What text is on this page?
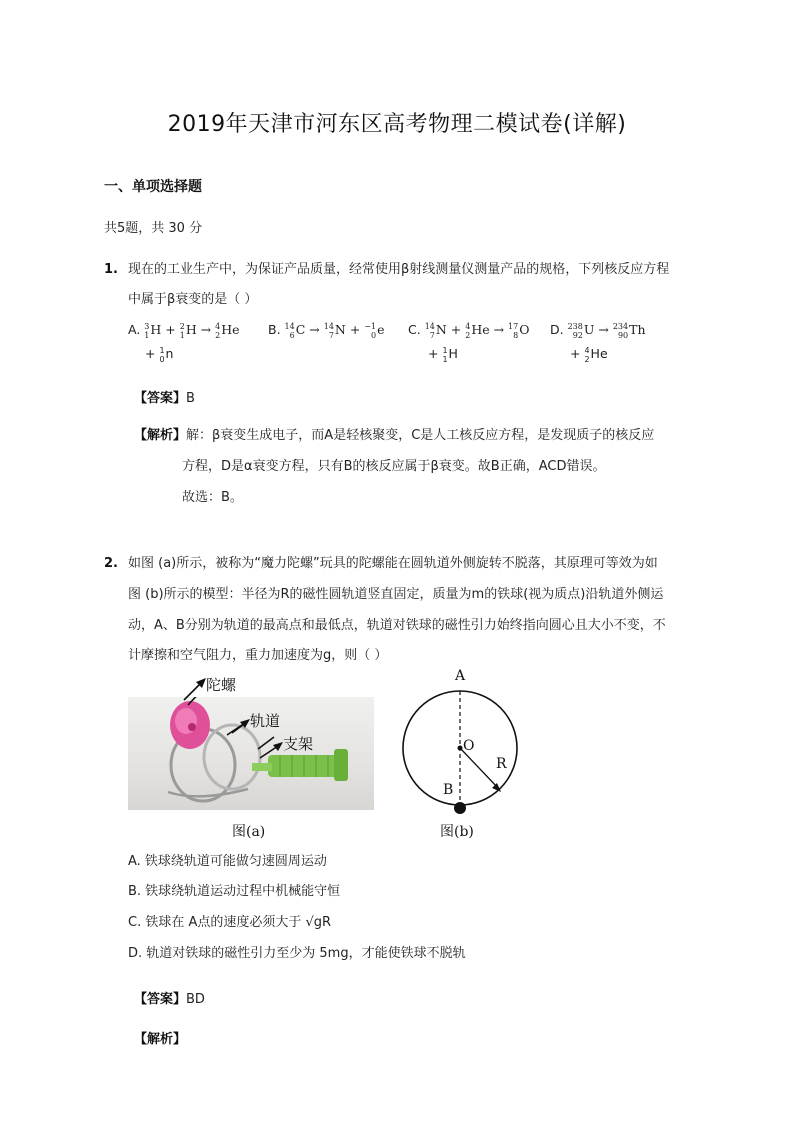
2019年天津市河东区高考物理二模试卷(详解)
一、单项选择题
共5题，共 30 分
1. 现在的工业生产中，为保证产品质量，经常使用β射线测量仪测量产品的规格，下列核反应方程
中属于β衰变的是（ ）
A. 3
1 H + 2
1 H → 4
2 He
+ 1
0 n
B. 14
6 C → 14
7 N + −1
0 e C. 14
7 N + 4
2 He → 17
8 O
+ 1
1 H
D. 238
92 U → 234
90 Th
+ 4
2 He
【答案】B
【解析】解：β衰变生成电子，而A是轻核聚变，C是人工核反应方程，是发现质子的核反应
方程，D是α衰变方程，只有B的核反应属于β衰变。故B正确，ACD错误。
故选：B。
2. 如图 (a)所示，被称为“魔力陀螺”玩具的陀螺能在圆轨道外侧旋转不脱落，其原理可等效为如
图 (b)所示的模型：半径为R的磁性圆轨道竖直固定，质量为m的铁球(视为质点)沿轨道外侧运
动，A、B分别为轨道的最高点和最低点，轨道对铁球的磁性引力始终指向圆心且大小不变，不
计摩擦和空气阻力，重力加速度为g，则（ ）
陀螺
轨道
支架
图(a)
A
O
R
B
图(b)
A. 铁球绕轨道可能做匀速圆周运动
B. 铁球绕轨道运动过程中机械能守恒
C. 铁球在 A点的速度必须大于 √gR
D. 轨道对铁球的磁性引力至少为 5mg，才能使铁球不脱轨
【答案】BD
【解析】
